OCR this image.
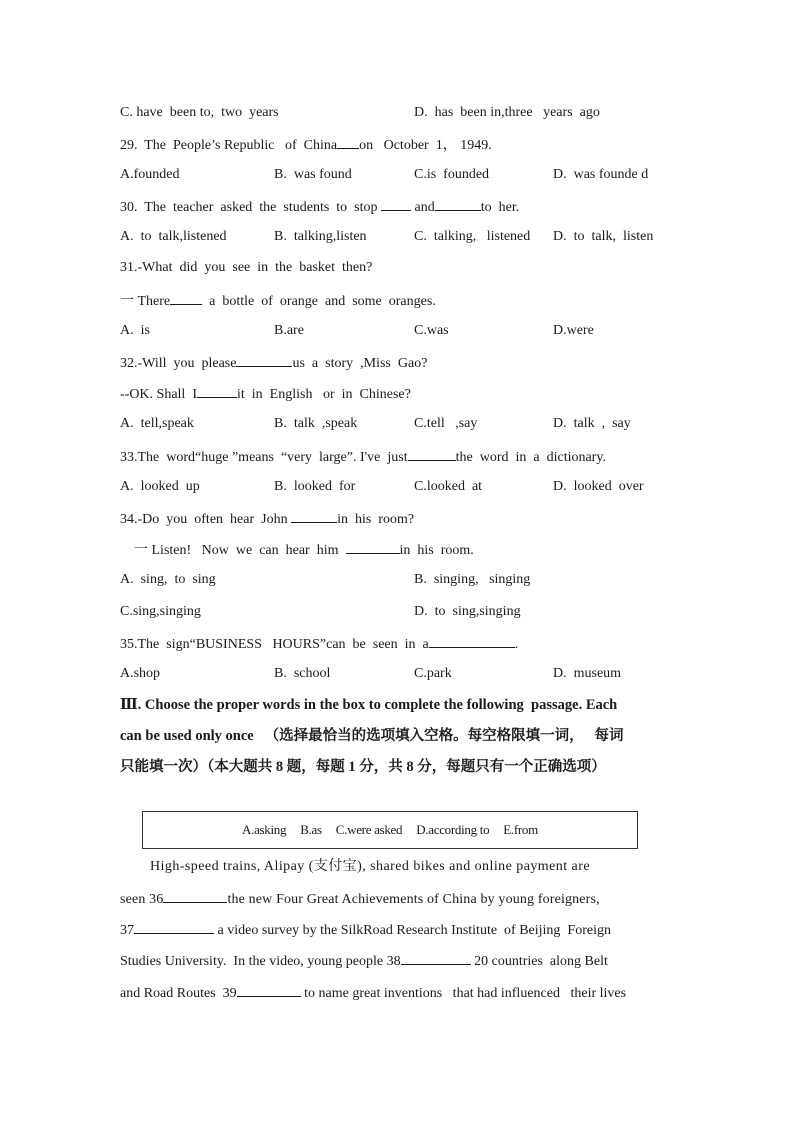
C. have  been to,  two  years	D.  has  been in,three   years  ago
29.  The  People’s Republic   of  China on   October  1， 1949.
A.founded	B.  was found	C.is  founded	D.  was founde d
30.  The  teacher  asked  the  students  to  stop	and	to  her.
A.  to  talk,listened	B.  talking,listen	C.  talking,   listened D.  to  talk,  listen
31.-What  did  you  see  in  the  basket  then?
一 There	a  bottle  of  orange  and  some  oranges.
A.  is	B.are	C.was	D.were
32.-Will  you  please	us  a  story  ,Miss  Gao?
--OK. Shall  I	it  in  English   or  in  Chinese?
A.  tell,speak	B.  talk  ,speak	C.tell   ,say	D.  talk  ,  say
33.The  word“huge ”means  “very  large”. I've  just	the  word  in  a  dictionary.
A.  looked  up	B.  looked  for	C.looked  at	D.  looked  over
34.-Do  you  often  hear  John	in  his  room?
一 Listen!   Now  we  can  hear  him	in  his  room.
A.  sing,  to  sing	B.  singing,   singing
C.sing,singing	D.  to  sing,singing
35.The  sign“BUSINESS   HOURS”can  be  seen  in  a	.
A.shop	B.  school	C.park	D.  museum
Ⅲ. Choose the proper words in the box to complete the following  passage. Each
can be used only once   （选择最恰当的选项填入空格。每空格限填一词，   每词
只能填一次）（本大题共 8 题，每题 1 分，共 8 分，每题只有一个正确选项）
A.asking B.as C.were asked D.according to E.from
High-speed trains, Alipay (支付宝), shared bikes and online payment are
seen 36	the new Four Great Achievements of China by young foreigners,
37	a video survey by the SilkRoad Research Institute  of Beijing  Foreign
Studies University.  In the video, young people 38	20 countries  along Belt
and Road Routes  39	to name great inventions   that had influenced   their lives
